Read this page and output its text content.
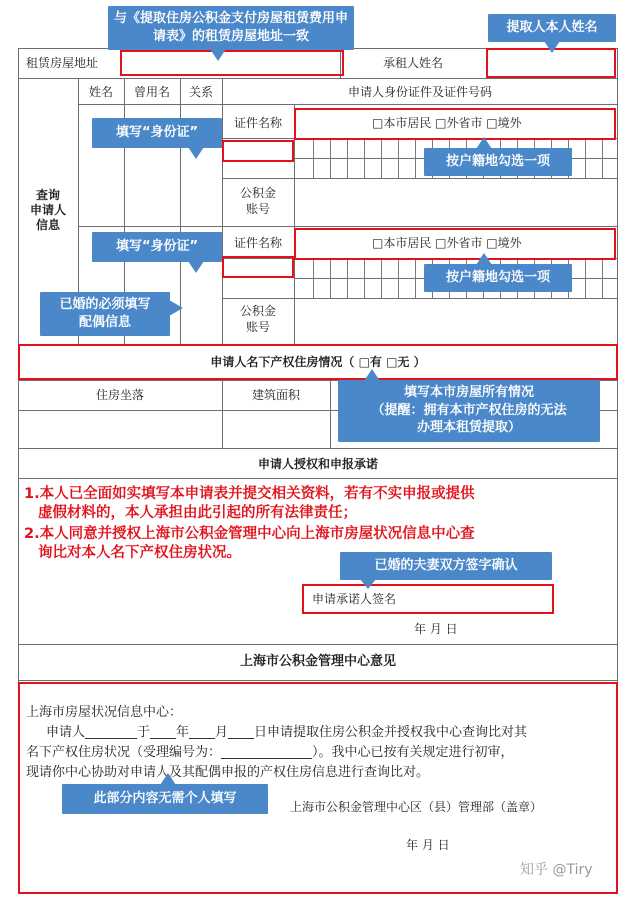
租赁房屋地址	承租人姓名
姓名	曾用名	关系	申请人身份证件及证件号码
查询
申请人
信息
证件名称	□本市居民 □外省市 □境外
公积金
账号
证件名称	□本市居民 □外省市 □境外
公积金
账号
申请人名下产权住房情况（ □有 □无 ）
住房坐落	建筑面积
申请人授权和申报承诺
1.本人已全面如实填写本申请表并提交相关资料，若有不实申报或提供
虚假材料的，本人承担由此引起的所有法律责任；
2.本人同意并授权上海市公积金管理中心向上海市房屋状况信息中心查
询比对本人名下产权住房状况。
申请承诺人签名
年 月 日
上海市公积金管理中心意见
上海市房屋状况信息中心：
申请人________于____年____月____日申请提取住房公积金并授权我中心查询比对其
名下产权住房状况（受理编号为：______________）。我中心已按有关规定进行初审，
现请你中心协助对申请人及其配偶申报的产权住房信息进行查询比对。
上海市公积金管理中心区（县）管理部（盖章）
年 月 日
与《提取住房公积金支付房屋租赁费用申请表》的租赁房屋地址一致
提取人本人姓名
填写“身份证”
按户籍地勾选一项
填写“身份证”
按户籍地勾选一项
已婚的必须填写
配偶信息
填写本市房屋所有情况
（提醒：拥有本市产权住房的无法
办理本租赁提取）
已婚的夫妻双方签字确认
此部分内容无需个人填写
知乎 @Tiry
